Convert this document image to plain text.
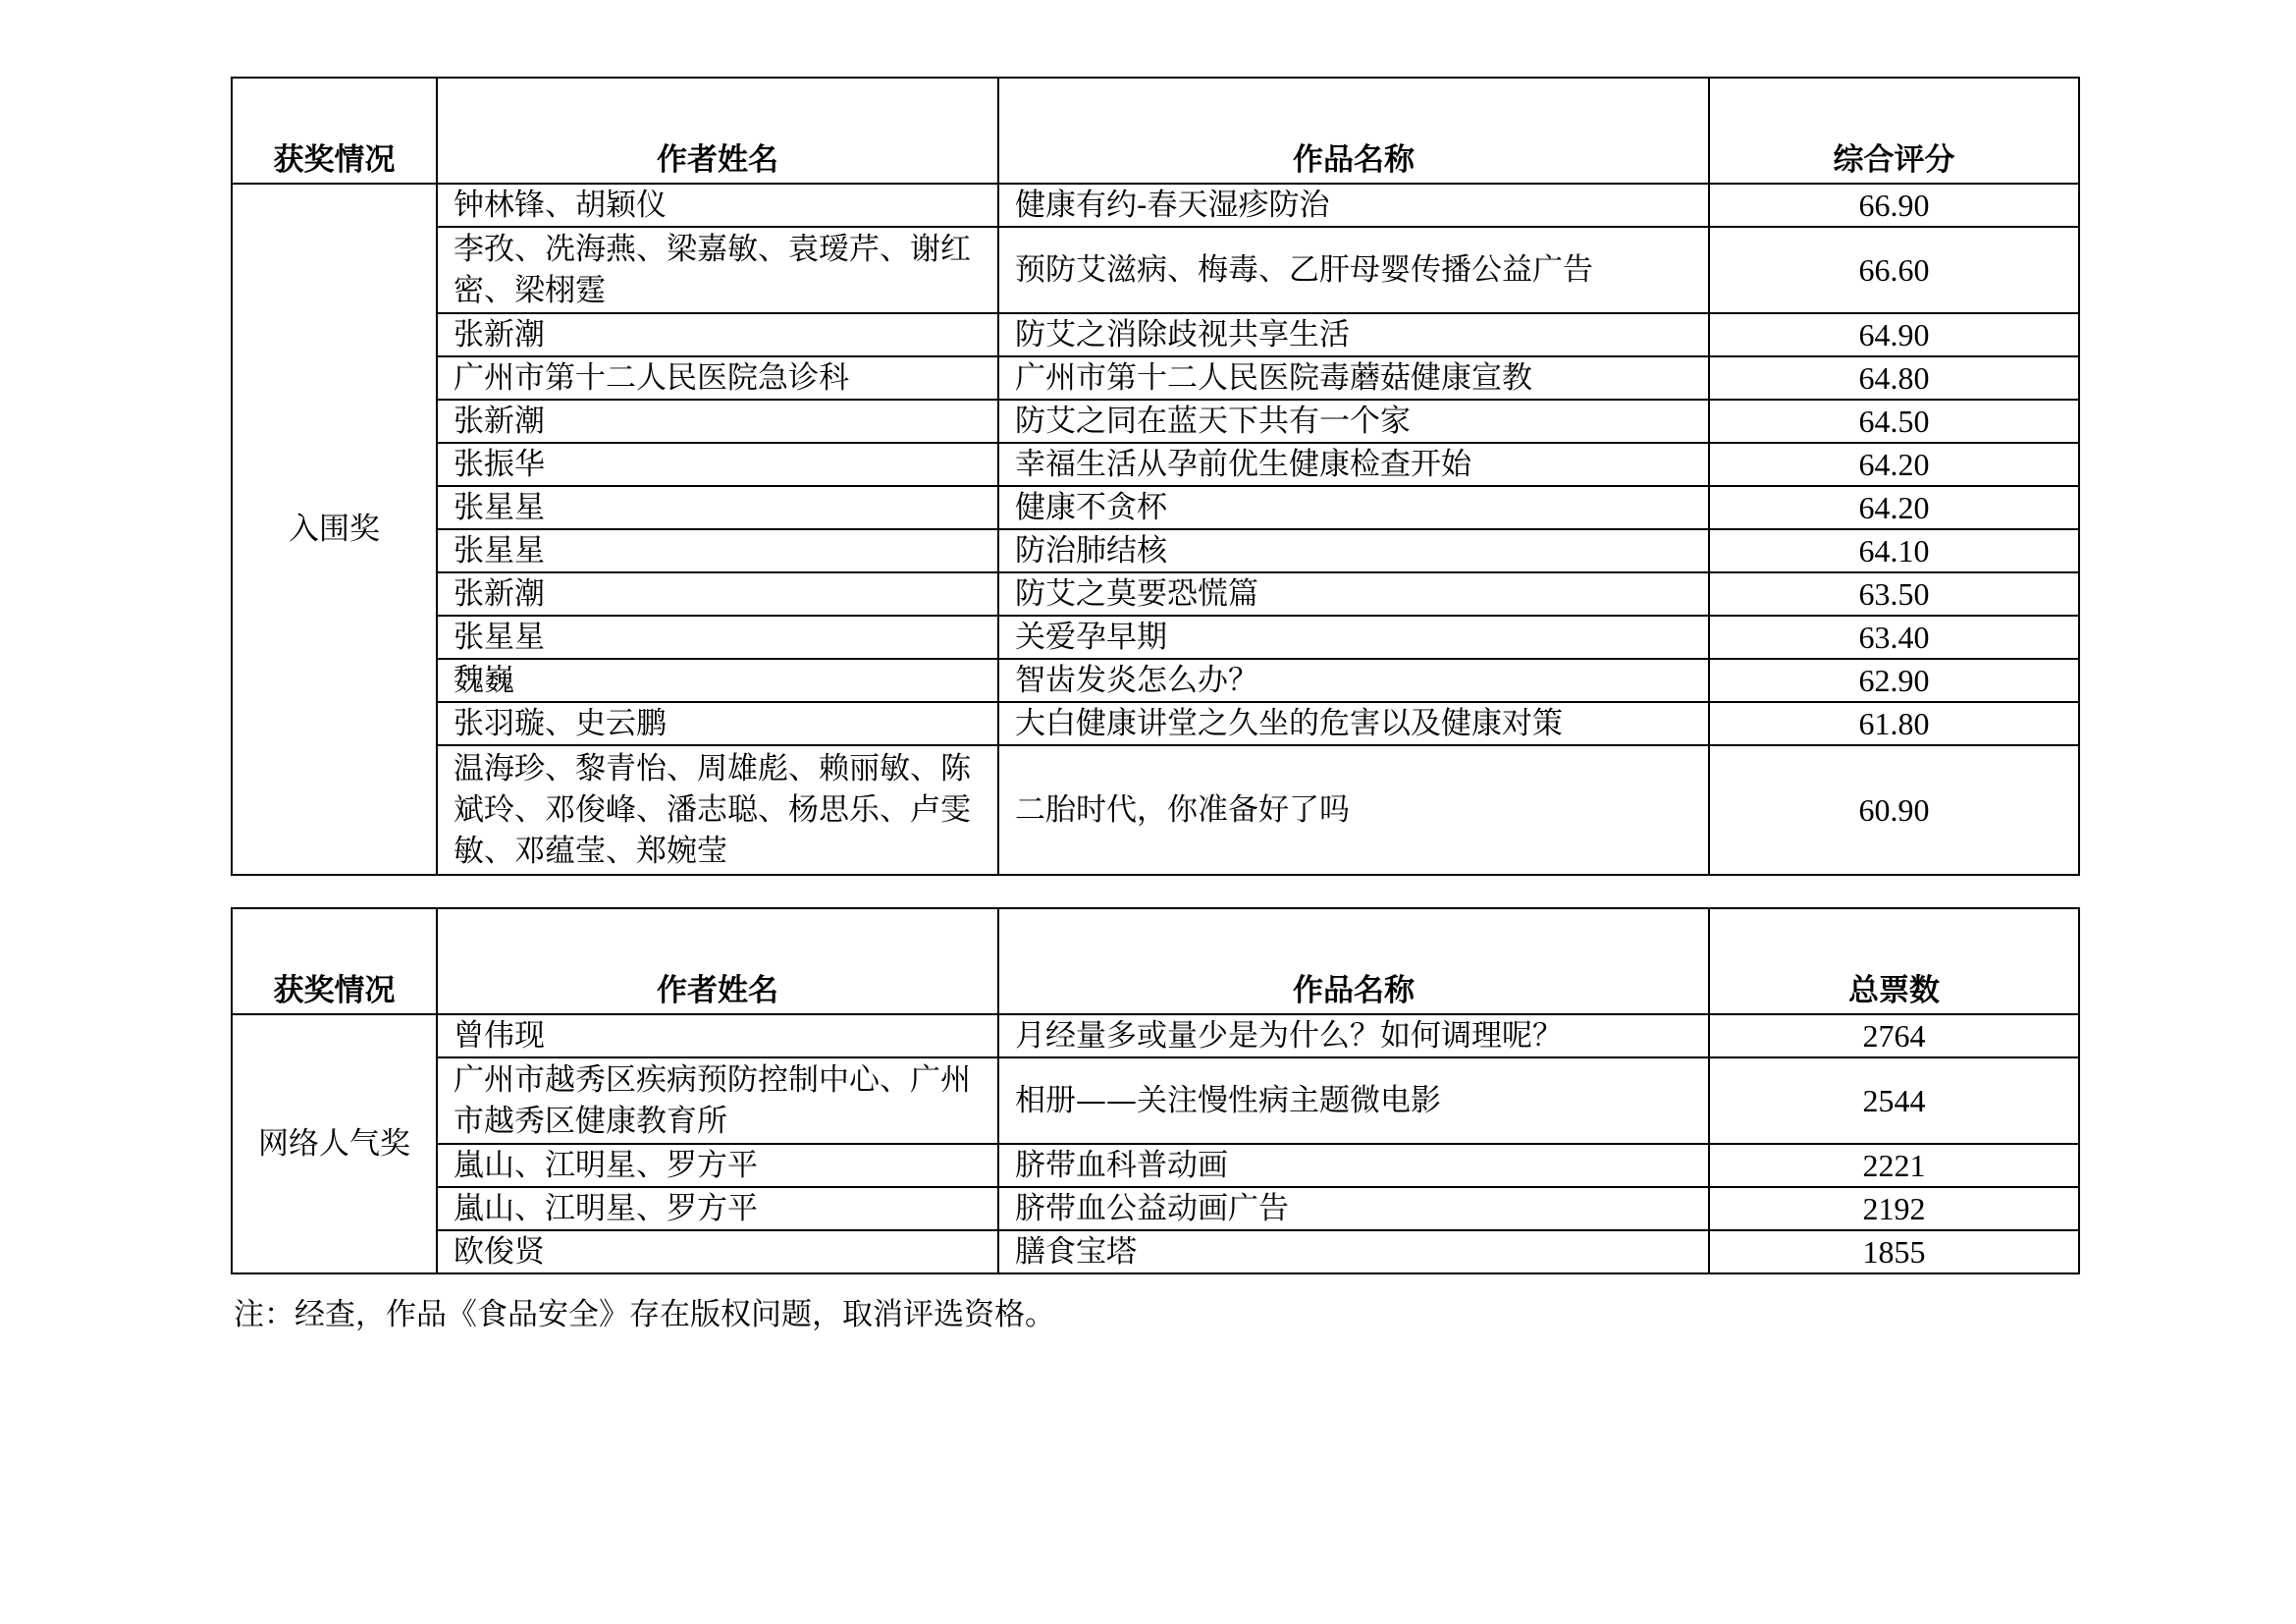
获奖情况	作者姓名	作品名称	综合评分
入围奖	钟林锋、胡颖仪	健康有约-春天湿疹防治	66.90
	李孜、冼海燕、梁嘉敏、袁瑷芹、谢红密、梁栩霆	预防艾滋病、梅毒、乙肝母婴传播公益广告	66.60
	张新潮	防艾之消除歧视共享生活	64.90
	广州市第十二人民医院急诊科	广州市第十二人民医院毒蘑菇健康宣教	64.80
	张新潮	防艾之同在蓝天下共有一个家	64.50
	张振华	幸福生活从孕前优生健康检查开始	64.20
	张星星	健康不贪杯	64.20
	张星星	防治肺结核	64.10
	张新潮	防艾之莫要恐慌篇	63.50
	张星星	关爱孕早期	63.40
	魏巍	智齿发炎怎么办？	62.90
	张羽璇、史云鹏	大白健康讲堂之久坐的危害以及健康对策	61.80
	温海珍、黎青怡、周雄彪、赖丽敏、陈斌玲、邓俊峰、潘志聪、杨思乐、卢雯敏、邓蕴莹、郑婉莹	二胎时代，你准备好了吗	60.90
获奖情况	作者姓名	作品名称	总票数
网络人气奖	曾伟现	月经量多或量少是为什么？如何调理呢？	2764
	广州市越秀区疾病预防控制中心、广州市越秀区健康教育所	相册——关注慢性病主题微电影	2544
	嵐山、江明星、罗方平	脐带血科普动画	2221
	嵐山、江明星、罗方平	脐带血公益动画广告	2192
	欧俊贤	膳食宝塔	1855
注：经查，作品《食品安全》存在版权问题，取消评选资格。
